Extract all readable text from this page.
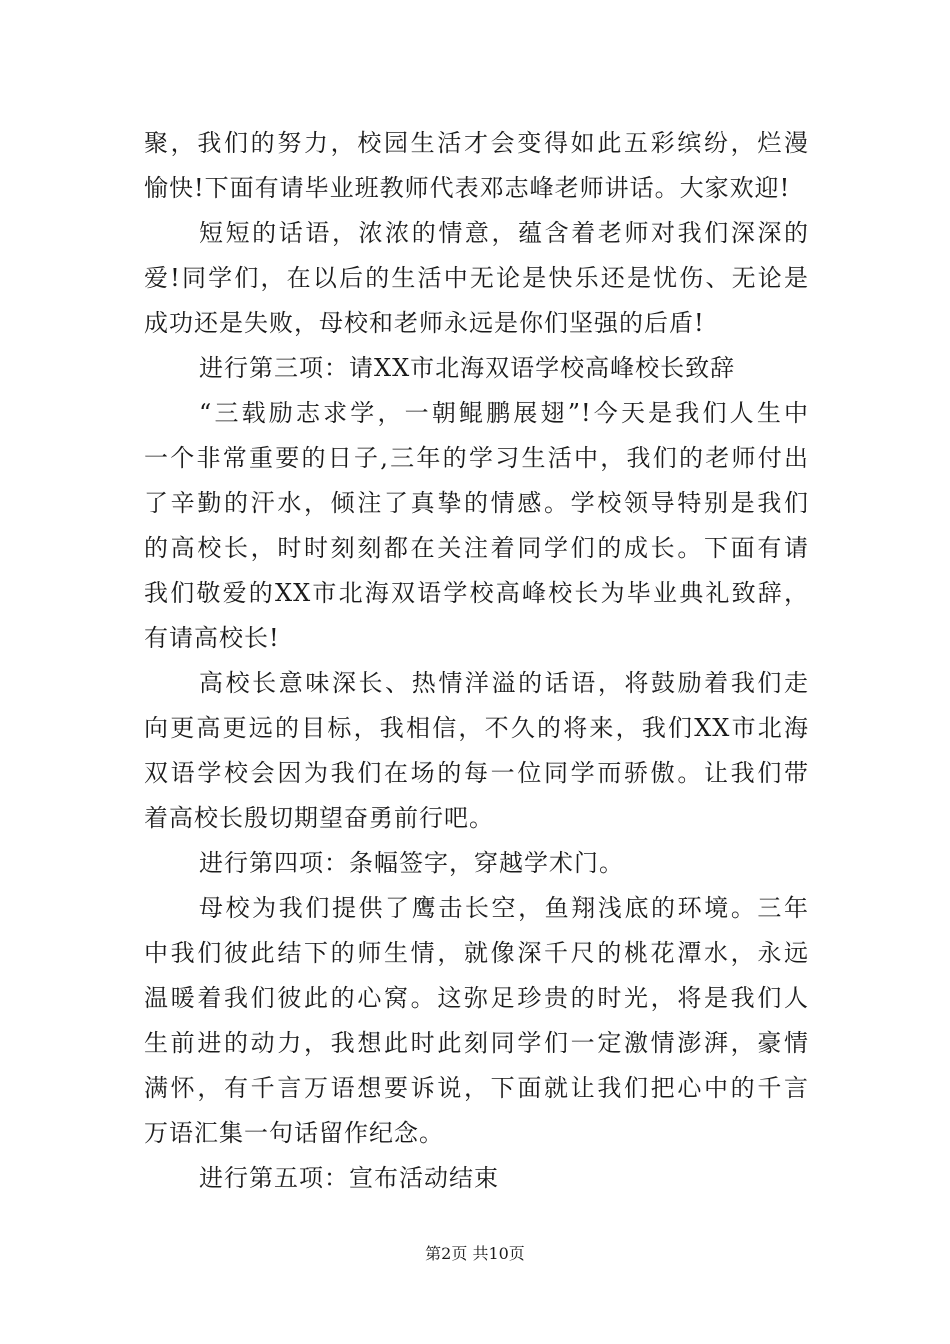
聚，我们的努力，校园生活才会变得如此五彩缤纷，烂漫
愉快!下面有请毕业班教师代表邓志峰老师讲话。大家欢迎!
短短的话语，浓浓的情意，蕴含着老师对我们深深的
爱!同学们，在以后的生活中无论是快乐还是忧伤、无论是
成功还是失败，母校和老师永远是你们坚强的后盾!
进行第三项：请XX市北海双语学校高峰校长致辞
“三载励志求学，一朝鲲鹏展翅”!今天是我们人生中
一个非常重要的日子,三年的学习生活中，我们的老师付出
了辛勤的汗水，倾注了真挚的情感。学校领导特别是我们
的高校长，时时刻刻都在关注着同学们的成长。下面有请
我们敬爱的XX市北海双语学校高峰校长为毕业典礼致辞，
有请高校长!
高校长意味深长、热情洋溢的话语，将鼓励着我们走
向更高更远的目标，我相信，不久的将来，我们XX市北海
双语学校会因为我们在场的每一位同学而骄傲。让我们带
着高校长殷切期望奋勇前行吧。
进行第四项：条幅签字，穿越学术门。
母校为我们提供了鹰击长空，鱼翔浅底的环境。三年
中我们彼此结下的师生情，就像深千尺的桃花潭水，永远
温暖着我们彼此的心窝。这弥足珍贵的时光，将是我们人
生前进的动力，我想此时此刻同学们一定激情澎湃，豪情
满怀，有千言万语想要诉说，下面就让我们把心中的千言
万语汇集一句话留作纪念。
进行第五项：宣布活动结束
第2页 共10页
